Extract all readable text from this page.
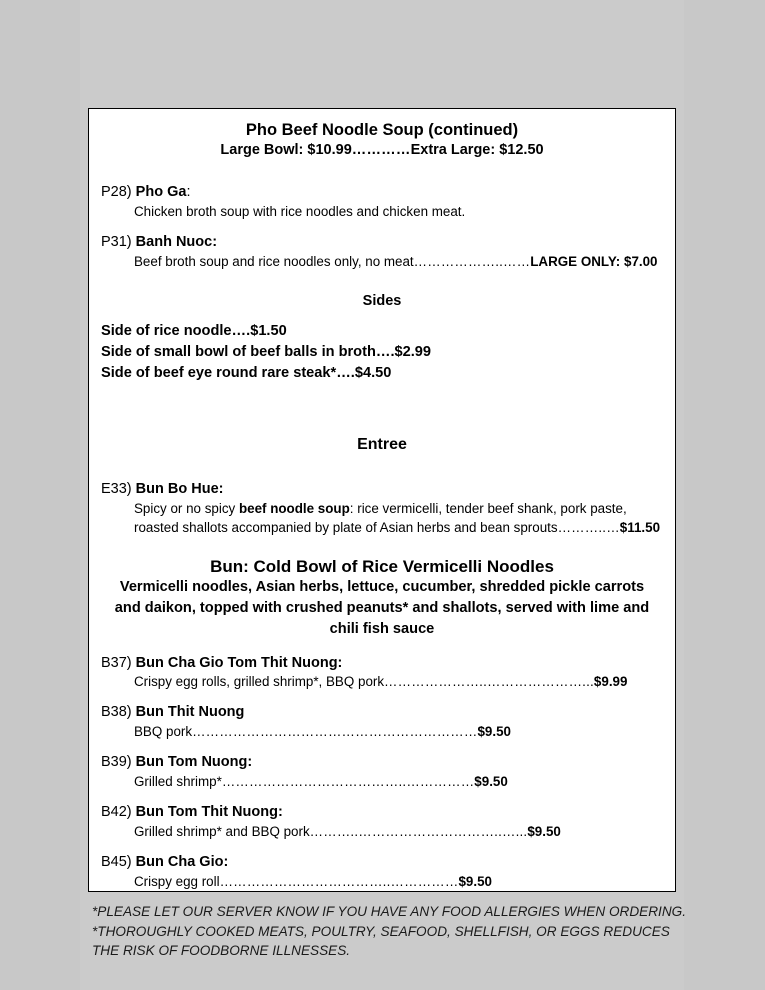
Pho Beef Noodle Soup (continued)
Large Bowl: $10.99…………Extra Large: $12.50
P28) Pho Ga:
Chicken broth soup with rice noodles and chicken meat.
P31) Banh Nuoc:
Beef broth soup and rice noodles only, no meat………………..……LARGE ONLY: $7.00
Sides
Side of rice noodle….$1.50
Side of small bowl of beef balls in broth….$2.99
Side of beef eye round rare steak*….$4.50
Entree
E33) Bun Bo Hue:
Spicy or no spicy beef noodle soup: rice vermicelli, tender beef shank, pork paste, roasted shallots accompanied by plate of Asian herbs and bean sprouts………..…$11.50
Bun: Cold Bowl of Rice Vermicelli Noodles
Vermicelli noodles, Asian herbs, lettuce, cucumber, shredded pickle carrots and daikon, topped with crushed peanuts* and shallots, served with lime and chili fish sauce
B37) Bun Cha Gio Tom Thit Nuong:
Crispy egg rolls, grilled shrimp*, BBQ pork…………………..…………………...$9.99
B38) Bun Thit Nuong
BBQ pork………………………………………………………$9.50
B39) Bun Tom Nuong:
Grilled shrimp*…………………………………..……………$9.50
B42) Bun Tom Thit Nuong:
Grilled shrimp* and BBQ pork………..…………………………..…...$9.50
B45) Bun Cha Gio:
Crispy egg roll………………………………..……………$9.50
*PLEASE LET OUR SERVER KNOW IF YOU HAVE ANY FOOD ALLERGIES WHEN ORDERING.
*THOROUGHLY COOKED MEATS, POULTRY, SEAFOOD, SHELLFISH, OR EGGS REDUCES THE RISK OF FOODBORNE ILLNESSES.
